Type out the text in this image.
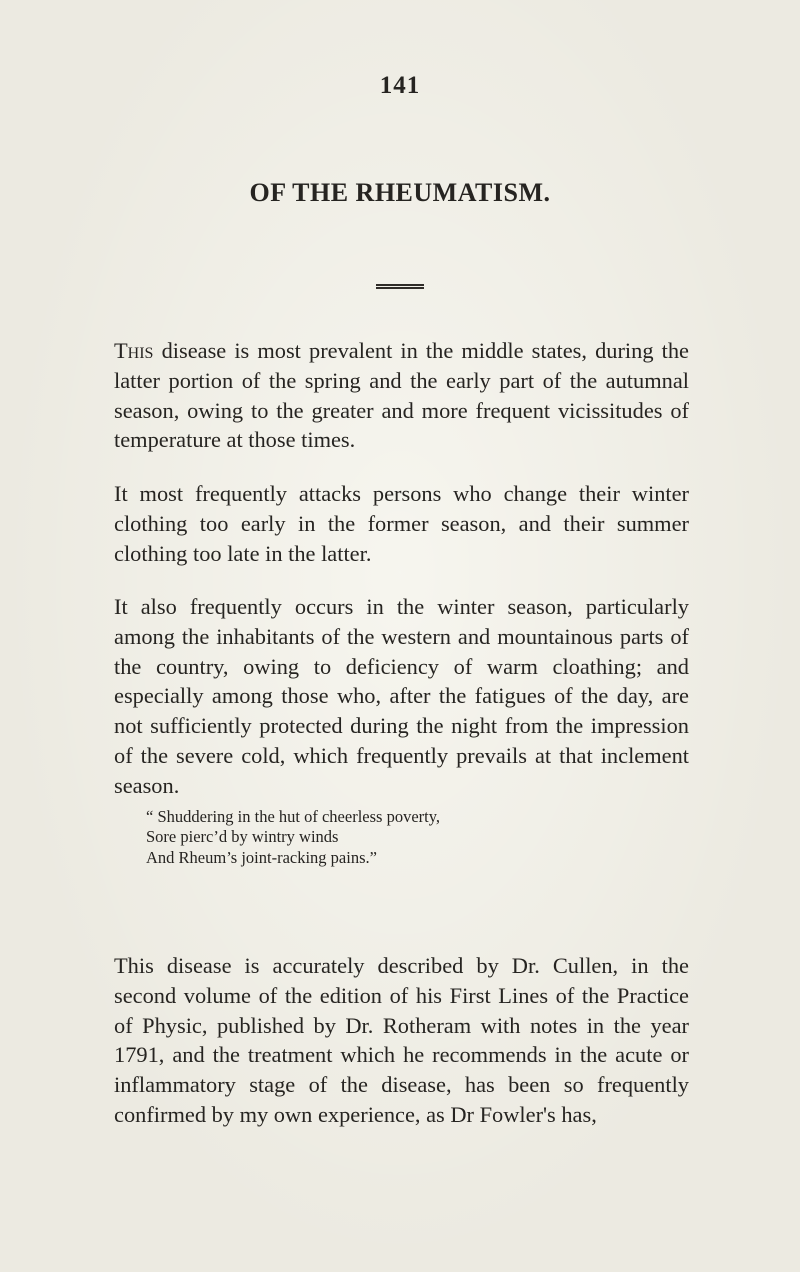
141
OF THE RHEUMATISM.

This disease is most prevalent in the middle states, during the latter portion of the spring and the early part of the autumnal season, owing to the greater and more frequent vicissitudes of temperature at those times.

It most frequently attacks persons who change their winter clothing too early in the former season, and their summer clothing too late in the latter.

It also frequently occurs in the winter season, particularly among the inhabitants of the western and mountainous parts of the country, owing to deficiency of warm cloathing; and especially among those who, after the fatigues of the day, are not sufficiently protected during the night from the impression of the severe cold, which frequently prevails at that inclement season.

“ Shuddering in the hut of cheerless poverty,
Sore pierc’d by wintry winds
And Rheum’s joint-racking pains.”

This disease is accurately described by Dr. Cullen, in the second volume of the edition of his First Lines of the Practice of Physic, published by Dr. Rotheram with notes in the year 1791, and the treatment which he recommends in the acute or inflammatory stage of the disease, has been so frequently confirmed by my own experience, as Dr Fowler's has,
